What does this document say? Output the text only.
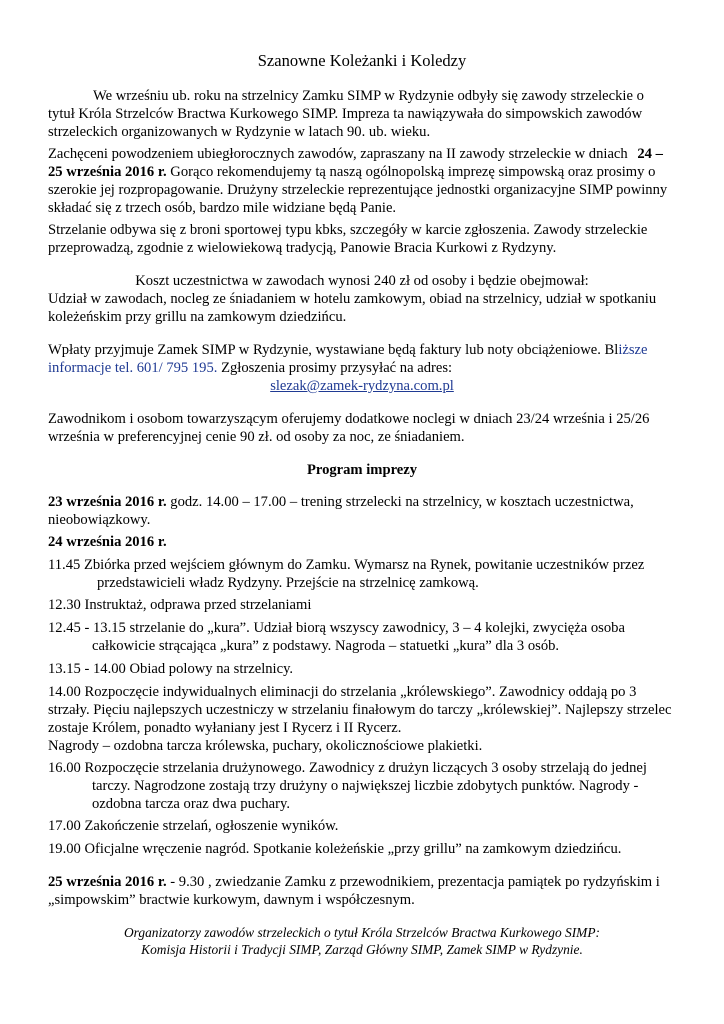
Szanowne Koleżanki i Koledzy
We wrześniu ub. roku na strzelnicy Zamku SIMP w Rydzynie odbyły się zawody strzeleckie o
tytuł Króla Strzelców Bractwa Kurkowego SIMP. Impreza ta nawiązywała do simpowskich zawodów
strzeleckich organizowanych w Rydzynie w latach 90. ub. wieku.
Zachęceni powodzeniem ubiegłorocznych zawodów, zapraszany na II zawody strzeleckie w dniach 24 –
25 września 2016 r. Gorąco rekomendujemy tą naszą ogólnopolską imprezę simpowską oraz prosimy o
szerokie jej rozpropagowanie. Drużyny strzeleckie reprezentujące jednostki organizacyjne SIMP powinny
składać się z trzech osób, bardzo mile widziane będą Panie.
Strzelanie odbywa się z broni sportowej typu kbks, szczegóły w karcie zgłoszenia. Zawody strzeleckie
przeprowadzą, zgodnie z wielowiekową tradycją, Panowie Bracia Kurkowi z Rydzyny.
Koszt uczestnictwa w zawodach wynosi 240 zł od osoby i będzie obejmował:
Udział w zawodach, nocleg ze śniadaniem w hotelu zamkowym, obiad na strzelnicy, udział w spotkaniu
koleżeńskim przy grillu na zamkowym dziedzińcu.
Wpłaty przyjmuje Zamek SIMP w Rydzynie, wystawiane będą faktury lub noty obciążeniowe. Bliższe
informacje tel. 601/ 795 195. Zgłoszenia prosimy przysyłać na adres:
slezak@zamek-rydzyna.com.pl
Zawodnikom i osobom towarzyszącym oferujemy dodatkowe noclegi w dniach 23/24 września i 25/26
września w preferencyjnej cenie 90 zł. od osoby za noc, ze śniadaniem.
Program imprezy
23 września 2016 r. godz. 14.00 – 17.00 – trening strzelecki na strzelnicy, w kosztach uczestnictwa,
nieobowiązkowy.
24 września 2016 r.
11.45 Zbiórka przed wejściem głównym do Zamku. Wymarsz na Rynek, powitanie uczestników przez
przedstawicieli władz Rydzyny. Przejście na strzelnicę zamkową.
12.30 Instruktaż, odprawa przed strzelaniami
12.45 - 13.15 strzelanie do „kura”. Udział biorą wszyscy zawodnicy, 3 – 4 kolejki, zwycięża osoba
całkowicie strącająca „kura” z podstawy. Nagroda – statuetki „kura” dla 3 osób.
13.15 - 14.00 Obiad polowy na strzelnicy.
14.00 Rozpoczęcie indywidualnych eliminacji do strzelania „królewskiego”. Zawodnicy oddają po 3
strzały. Pięciu najlepszych uczestniczy w strzelaniu finałowym do tarczy „królewskiej”. Najlepszy strzelec
zostaje Królem, ponadto wyłaniany jest I Rycerz i II Rycerz.
Nagrody – ozdobna tarcza królewska, puchary, okolicznościowe plakietki.
16.00 Rozpoczęcie strzelania drużynowego. Zawodnicy z drużyn liczących 3 osoby strzelają do jednej
tarczy. Nagrodzone zostają trzy drużyny o największej liczbie zdobytych punktów. Nagrody -
ozdobna tarcza oraz dwa puchary.
17.00 Zakończenie strzelań, ogłoszenie wyników.
19.00 Oficjalne wręczenie nagród. Spotkanie koleżeńskie „przy grillu” na zamkowym dziedzińcu.
25 września 2016 r. - 9.30 , zwiedzanie Zamku z przewodnikiem, prezentacja pamiątek po rydzyńskim i
„simpowskim” bractwie kurkowym, dawnym i współczesnym.
Organizatorzy zawodów strzeleckich o tytuł Króla Strzelców Bractwa Kurkowego SIMP:
Komisja Historii i Tradycji SIMP, Zarząd Główny SIMP, Zamek SIMP w Rydzynie.
